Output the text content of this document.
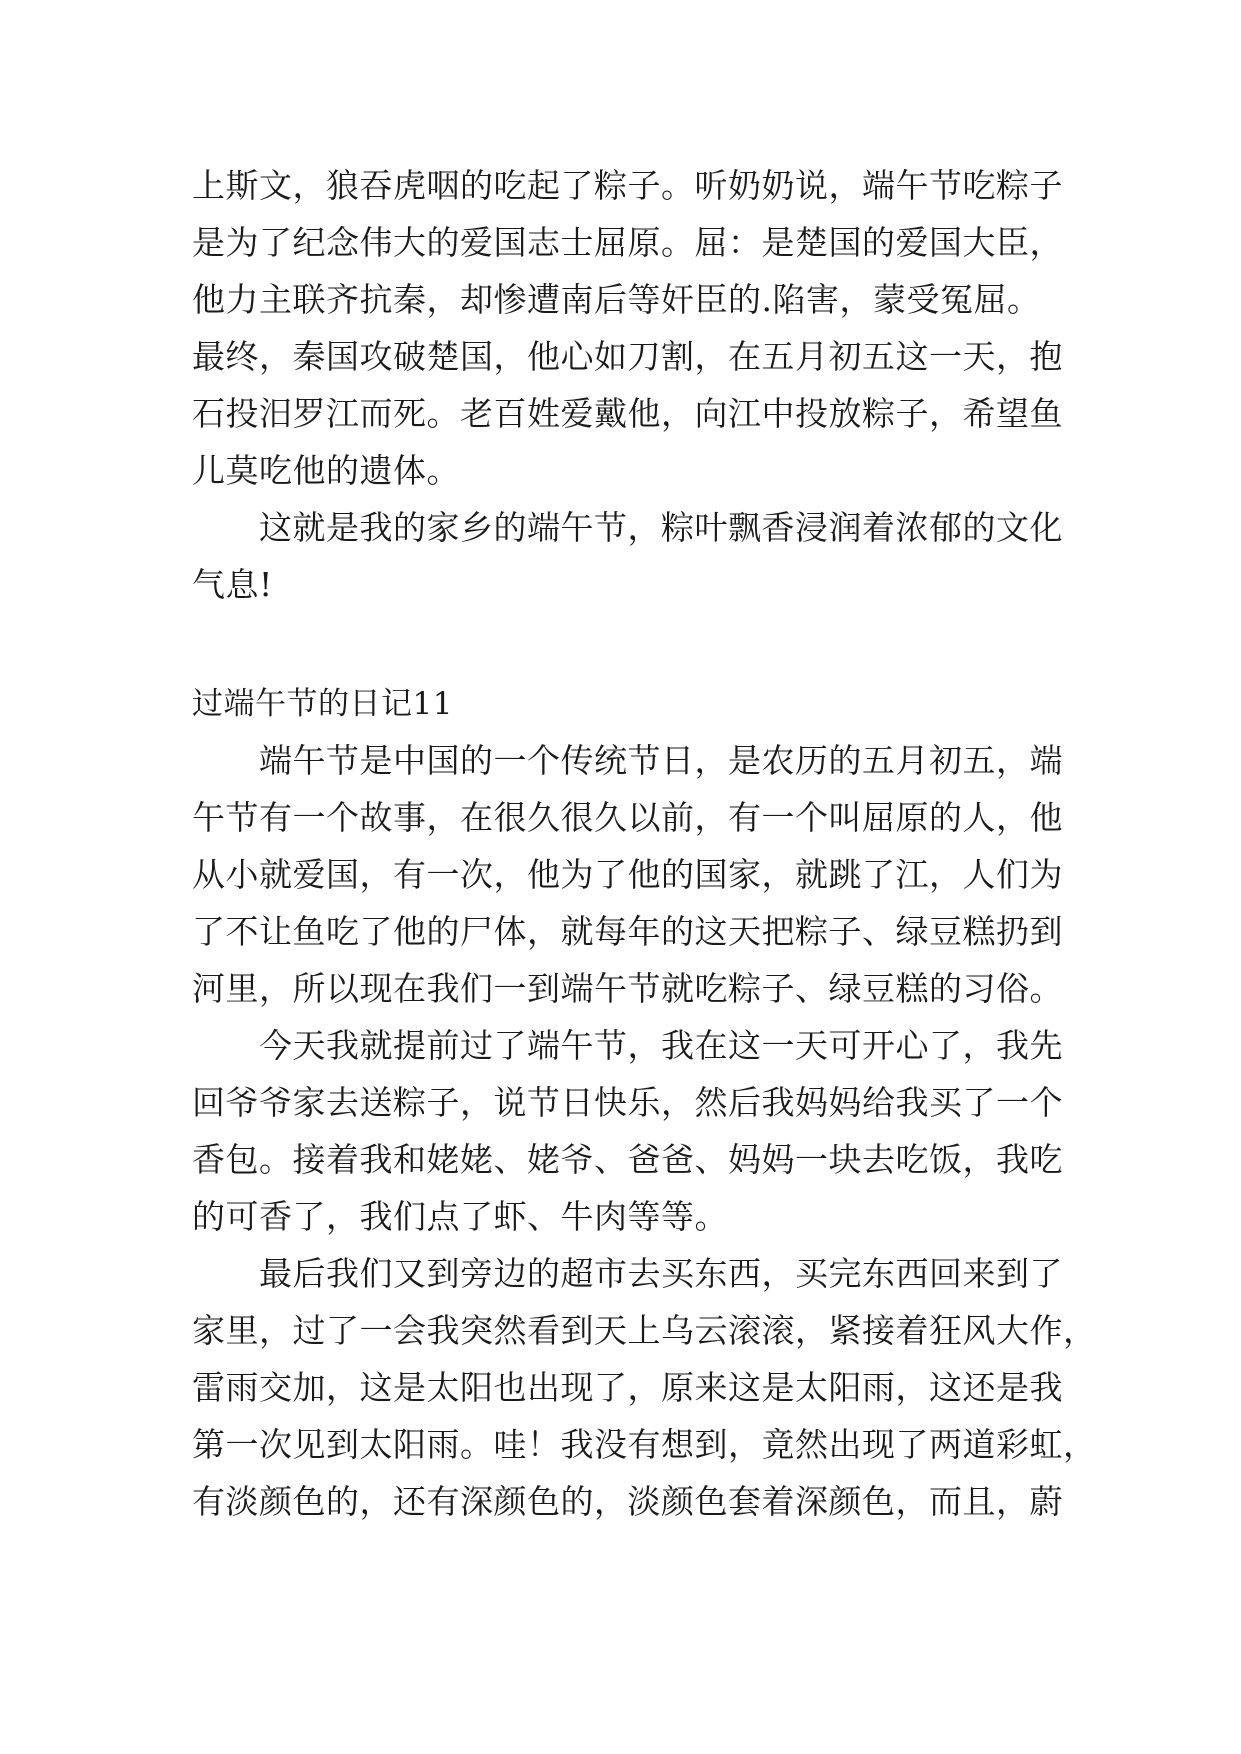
上斯文，狼吞虎咽的吃起了粽子。听奶奶说，端午节吃粽子
是为了纪念伟大的爱国志士屈原。屈：是楚国的爱国大臣，
他力主联齐抗秦，却惨遭南后等奸臣的.陷害，蒙受冤屈。
最终，秦国攻破楚国，他心如刀割，在五月初五这一天，抱
石投汨罗江而死。老百姓爱戴他，向江中投放粽子，希望鱼
儿莫吃他的遗体。
　　这就是我的家乡的端午节，粽叶飘香浸润着浓郁的文化
气息!
过端午节的日记11
　　端午节是中国的一个传统节日，是农历的五月初五，端
午节有一个故事，在很久很久以前，有一个叫屈原的人，他
从小就爱国，有一次，他为了他的国家，就跳了江，人们为
了不让鱼吃了他的尸体，就每年的这天把粽子、绿豆糕扔到
河里，所以现在我们一到端午节就吃粽子、绿豆糕的习俗。
　　今天我就提前过了端午节，我在这一天可开心了，我先
回爷爷家去送粽子，说节日快乐，然后我妈妈给我买了一个
香包。接着我和姥姥、姥爷、爸爸、妈妈一块去吃饭，我吃
的可香了，我们点了虾、牛肉等等。
　　最后我们又到旁边的超市去买东西，买完东西回来到了
家里，过了一会我突然看到天上乌云滚滚，紧接着狂风大作，
雷雨交加，这是太阳也出现了，原来这是太阳雨，这还是我
第一次见到太阳雨。哇！我没有想到，竟然出现了两道彩虹，
有淡颜色的，还有深颜色的，淡颜色套着深颜色，而且，蔚
